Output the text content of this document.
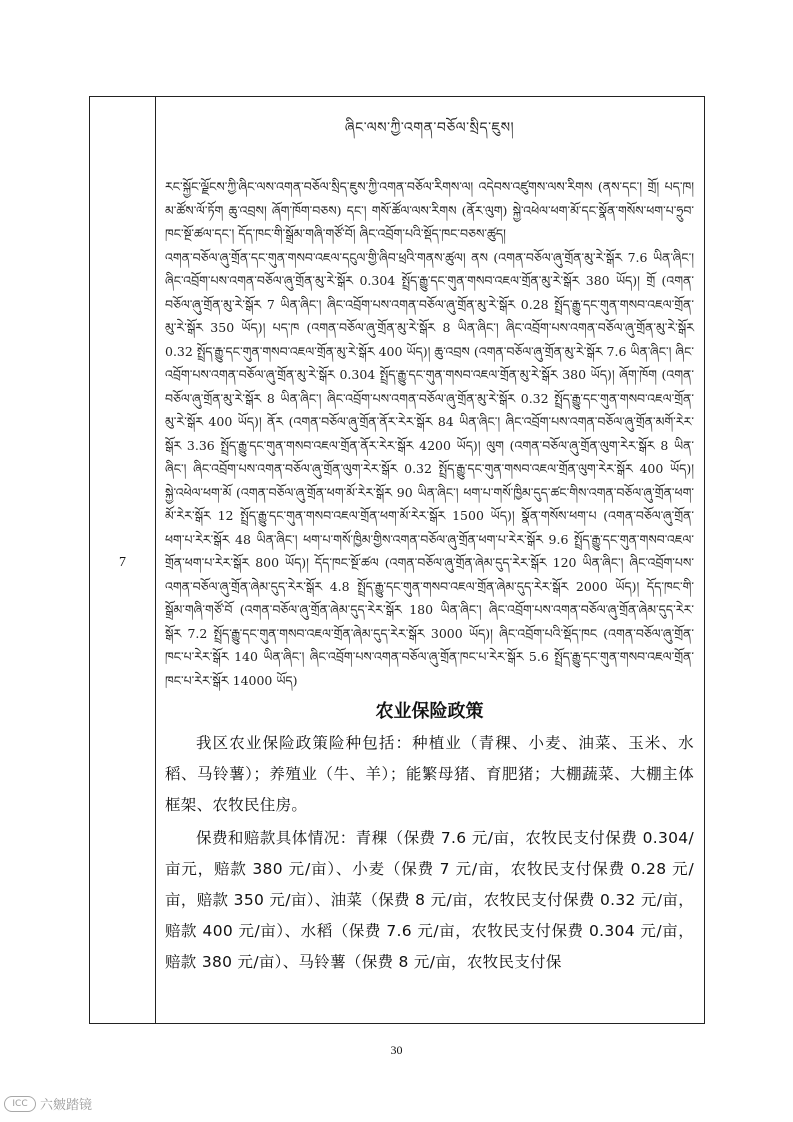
7
ཞིང་ལས་ཀྱི་འགན་བཅོལ་སྲིད་ཇུས།

རང་སྐྱོང་ལྗོངས་ཀྱི་ཞིང་ལས་འགན་བཅོལ་སྲིད་ཇུས་ཀྱི་འགན་བཅོལ་རིགས་ལ། འདེབས་འཛུགས་ལས་རིགས (ནས་དང་། གྲོ། པད་ཁ། མ་ཚོས་ལོ་ཏོག ཆུ་འབྲས། ཞོག་ཁོག་བཅས) དང་། གསོ་ཚོལ་ལས་རིགས (ནོར་ལུག) སྐྱེ་འཕེལ་ཕག་མོ་དང་སྣོན་གསོས་ཕག་པ་ཧྲུབ་ཁང་སྔོ་ཚལ་དང་། དོད་ཁང་གི་སྒྲོམ་གཞི་གཙོ་བོ། ཞིང་འབྲོག་པའི་སྡོད་ཁང་བཅས་ཚུད།

འགན་བཅོལ་ཞུ་གྲོན་དང་གུན་གསབ་འཇལ་དངུལ་གྱི་ཞིབ་ཕྲའི་གནས་ཚུལ། ནས (འགན་བཅོལ་ཞུ་གྲོན་མུ་རེ་སྒོར 7.6 ཡིན་ཞིང་། ཞིང་འབྲོག་པས་འགན་བཅོལ་ཞུ་གྲོན་མུ་རེ་སྒོར 0.304 སྤྲོད་རྒྱུ་དང་གུན་གསབ་འཇལ་གྲོན་མུ་རེ་སྒོར 380 ཡོད)། གྲོ (འགན་བཅོལ་ཞུ་གྲོན་མུ་རེ་སྒོར 7 ཡིན་ཞིང་། ཞིང་འབྲོག་པས་འགན་བཅོལ་ཞུ་གྲོན་མུ་རེ་སྒོར 0.28 སྤྲོད་རྒྱུ་དང་གུན་གསབ་འཇལ་གྲོན་མུ་རེ་སྒོར 350 ཡོད)། པད་ཁ (འགན་བཅོལ་ཞུ་གྲོན་མུ་རེ་སྒོར 8 ཡིན་ཞིང་། ཞིང་འབྲོག་པས་འགན་བཅོལ་ཞུ་གྲོན་མུ་རེ་སྒོར 0.32 སྤྲོད་རྒྱུ་དང་གུན་གསབ་འཇལ་གྲོན་མུ་རེ་སྒོར 400 ཡོད)། ཆུ་འབྲས (འགན་བཅོལ་ཞུ་གྲོན་མུ་རེ་སྒོར 7.6 ཡིན་ཞིང་། ཞིང་འབྲོག་པས་འགན་བཅོལ་ཞུ་གྲོན་མུ་རེ་སྒོར 0.304 སྤྲོད་རྒྱུ་དང་གུན་གསབ་འཇལ་གྲོན་མུ་རེ་སྒོར 380 ཡོད)། ཞོག་ཁོག (འགན་བཅོལ་ཞུ་གྲོན་མུ་རེ་སྒོར 8 ཡིན་ཞིང་། ཞིང་འབྲོག་པས་འགན་བཅོལ་ཞུ་གྲོན་མུ་རེ་སྒོར 0.32 སྤྲོད་རྒྱུ་དང་གུན་གསབ་འཇལ་གྲོན་མུ་རེ་སྒོར 400 ཡོད)། ནོར (འགན་བཅོལ་ཞུ་གྲོན་ནོར་རེར་སྒོར 84 ཡིན་ཞིང་། ཞིང་འབྲོག་པས་འགན་བཅོལ་ཞུ་གྲོན་མགོ་རེར་སྒོར 3.36 སྤྲོད་རྒྱུ་དང་གུན་གསབ་འཇལ་གྲོན་ནོར་རེར་སྒོར 4200 ཡོད)། ལུག (འགན་བཅོལ་ཞུ་གྲོན་ལུག་རེར་སྒོར 8 ཡིན་ཞིང་། ཞིང་འབྲོག་པས་འགན་བཅོལ་ཞུ་གྲོན་ལུག་རེར་སྒོར 0.32 སྤྲོད་རྒྱུ་དང་གུན་གསབ་འཇལ་གྲོན་ལུག་རེར་སྒོར 400 ཡོད)། སྐྱེ་འཕེལ་ཕག་མོ (འགན་བཅོལ་ཞུ་གྲོན་ཕག་མོ་རེར་སྒོར 90 ཡིན་ཞིང་། ཕག་པ་གསོ་ཁྱིམ་དུད་ཚང་གིས་འགན་བཅོལ་ཞུ་གྲོན་ཕག་མོ་རེར་སྒོར 12 སྤྲོད་རྒྱུ་དང་གུན་གསབ་འཇལ་གྲོན་ཕག་མོ་རེར་སྒོར 1500 ཡོད)། སྣོན་གསོས་ཕག་པ (འགན་བཅོལ་ཞུ་གྲོན་ཕག་པ་རེར་སྒོར 48 ཡིན་ཞིང་། ཕག་པ་གསོ་ཁྱིམ་གྱིས་འགན་བཅོལ་ཞུ་གྲོན་ཕག་པ་རེར་སྒོར 9.6 སྤྲོད་རྒྱུ་དང་གུན་གསབ་འཇལ་གྲོན་ཕག་པ་རེར་སྒོར 800 ཡོད)། དོད་ཁང་སྔོ་ཚལ (འགན་བཅོལ་ཞུ་གྲོན་ཞེམ་དུད་རེར་སྒོར 120 ཡིན་ཞིང་། ཞིང་འབྲོག་པས་འགན་བཅོལ་ཞུ་གྲོན་ཞེམ་དུད་རེར་སྒོར 4.8 སྤྲོད་རྒྱུ་དང་གུན་གསབ་འཇལ་གྲོན་ཞེམ་དུད་རེར་སྒོར 2000 ཡོད)། དོད་ཁང་གི་སྒྲོམ་གཞི་གཙོ་བོ (འགན་བཅོལ་ཞུ་གྲོན་ཞེམ་དུད་རེར་སྒོར 180 ཡིན་ཞིང་། ཞིང་འབྲོག་པས་འགན་བཅོལ་ཞུ་གྲོན་ཞེམ་དུད་རེར་སྒོར 7.2 སྤྲོད་རྒྱུ་དང་གུན་གསབ་འཇལ་གྲོན་ཞེམ་དུད་རེར་སྒོར 3000 ཡོད)། ཞིང་འབྲོག་པའི་སྡོད་ཁང (འགན་བཅོལ་ཞུ་གྲོན་ཁང་པ་རེར་སྒོར 140 ཡིན་ཞིང་། ཞིང་འབྲོག་པས་འགན་བཅོལ་ཞུ་གྲོན་ཁང་པ་རེར་སྒོར 5.6 སྤྲོད་རྒྱུ་དང་གུན་གསབ་འཇལ་གྲོན་ཁང་པ་རེར་སྒོར 14000 ཡོད)

农业保险政策

我区农业保险政策险种包括：种植业（青稞、小麦、油菜、玉米、水稻、马铃薯）；养殖业（牛、羊）；能繁母猪、育肥猪；大棚蔬菜、大棚主体框架、农牧民住房。

保费和赔款具体情况：青稞（保费 7.6 元/亩，农牧民支付保费 0.304/亩元，赔款 380 元/亩）、小麦（保费 7 元/亩，农牧民支付保费 0.28 元/亩，赔款 350 元/亩）、油菜（保费 8 元/亩，农牧民支付保费 0.32 元/亩，赔款 400 元/亩）、水稻（保费 7.6 元/亩，农牧民支付保费 0.304 元/亩，赔款 380 元/亩）、马铃薯（保费 8 元/亩，农牧民支付保

30
ICC 六皴踏镜
